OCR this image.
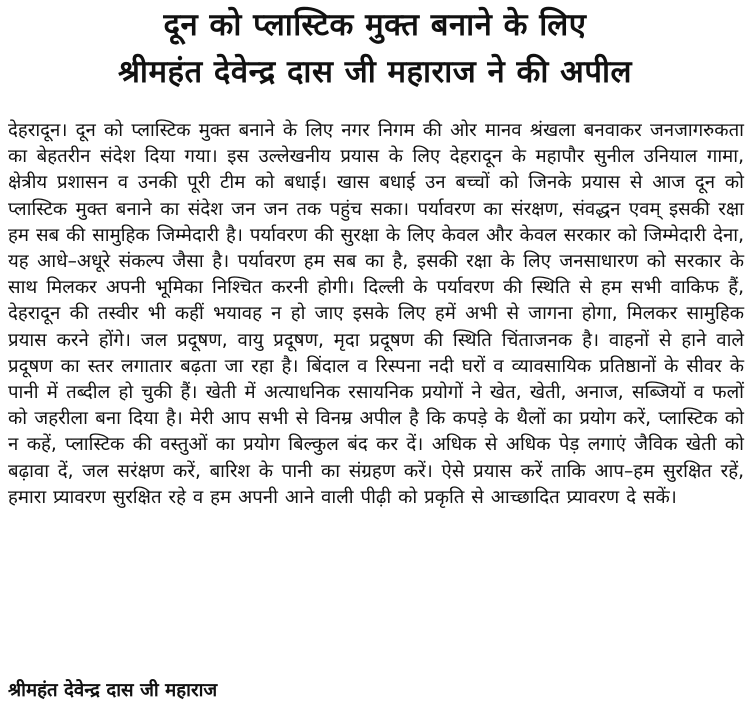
दून को प्लास्टिक मुक्त बनाने के लिए
श्रीमहंत देवेन्द्र दास जी महाराज ने की अपील

देहरादून। दून को प्लास्टिक मुक्त बनाने के लिए नगर निगम की ओर मानव श्रंखला बनवाकर जनजागरुकता का बेहतरीन संदेश दिया गया। इस उल्लेखनीय प्रयास के लिए देहरादून के महापौर सुनील उनियाल गामा, क्षेत्रीय प्रशासन व उनकी पूरी टीम को बधाई। खास बधाई उन बच्चों को जिनके प्रयास से आज दून को प्लास्टिक मुक्त बनाने का संदेश जन जन तक पहुंच सका। पर्यावरण का संरक्षण, संवद्धन एवम् इसकी रक्षा हम सब की सामुहिक जिम्मेदारी है। पर्यावरण की सुरक्षा के लिए केवल और केवल सरकार को जिम्मेदारी देना, यह आधे–अधूरे संकल्प जैसा है। पर्यावरण हम सब का है, इसकी रक्षा के लिए जनसाधारण को सरकार के साथ मिलकर अपनी भूमिका निश्चित करनी होगी। दिल्ली के पर्यावरण की स्थिति से हम सभी वाकिफ हैं, देहरादून की तस्वीर भी कहीं भयावह न हो जाए इसके लिए हमें अभी से जागना होगा, मिलकर सामुहिक प्रयास करने होंगे। जल प्रदूषण, वायु प्रदूषण, मृदा प्रदूषण की स्थिति चिंताजनक है। वाहनों से हाने वाले प्रदूषण का स्तर लगातार बढ़ता जा रहा है। बिंदाल व रिस्पना नदी घरों व व्यावसायिक प्रतिष्ठानों के सीवर के पानी में तब्दील हो चुकी हैं। खेती में अत्याधनिक रसायनिक प्रयोगों ने खेत, खेती, अनाज, सब्जियों व फलों को जहरीला बना दिया है। मेरी आप सभी से विनम्र अपील है कि कपड़े के थैलों का प्रयोग करें, प्लास्टिक को न कहें, प्लास्टिक की वस्तुओं का प्रयोग बिल्कुल बंद कर दें। अधिक से अधिक पेड़ लगाएं जैविक खेती को बढ़ावा दें, जल सरंक्षण करें, बारिश के पानी का संग्रहण करें। ऐसे प्रयास करें ताकि आप–हम सुरक्षित रहें, हमारा प्र्यावरण सुरक्षित रहे व हम अपनी आने वाली पीढ़ी को प्रकृति से आच्छादित प्र्यावरण दे सकें।

श्रीमहंत देवेन्द्र दास जी महाराज
